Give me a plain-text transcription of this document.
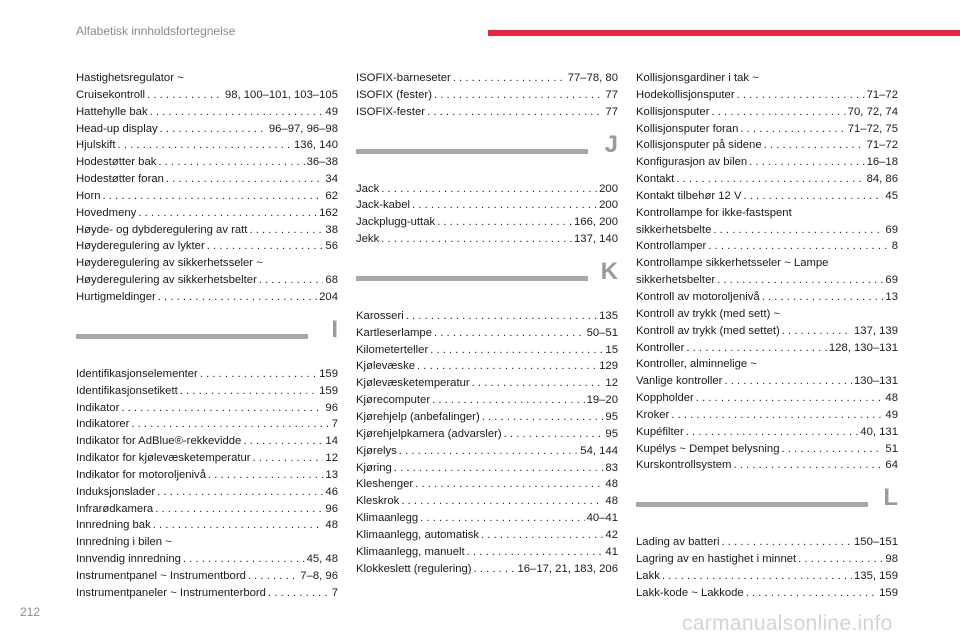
Alfabetisk innholdsfortegnelse
Hastighetsregulator ~
Cruisekontroll . . .	98, 100–101, 103–105
Hattehylle bak . . .	49
Head-up display . . .	96–97, 96–98
Hjulskift . . .	136, 140
Hodestøtter bak . . .	36–38
Hodestøtter foran . . .	34
Horn . . .	62
Hovedmeny . . .	162
Høyde- og dybderegulering av ratt . . .	38
Høyderegulering av lykter . . .	56
Høyderegulering av sikkerhetsseler ~
Høyderegulering av sikkerhetsbelter . . .	68
Hurtigmeldinger . . .	204
I
Identifikasjonselementer . . .	159
Identifikasjonsetikett . . .	159
Indikator . . .	96
Indikatorer . . .	7
Indikator for AdBlue®-rekkevidde . . .	14
Indikator for kjølevæsketemperatur . . .	12
Indikator for motoroljenivå . . .	13
Induksjonslader . . .	46
Infrarødkamera . . .	96
Innredning bak . . .	48
Innredning i bilen ~
Innvendig innredning . . .	45, 48
Instrumentpanel ~ Instrumentbord . . .	7–8, 96
Instrumentpaneler ~ Instrumenterbord . . .	7
ISOFIX-barneseter . . .	77–78, 80
ISOFIX (fester) . . .	77
ISOFIX-fester . . .	77
J
Jack . . .	200
Jack-kabel . . .	200
Jackplugg-uttak . . .	166, 200
Jekk . . .	137, 140
K
Karosseri . . .	135
Kartleserlampe . . .	50–51
Kilometerteller . . .	15
Kjølevæske . . .	129
Kjølevæsketemperatur . . .	12
Kjørecomputer . . .	19–20
Kjørehjelp (anbefalinger) . . .	95
Kjørehjelpkamera (advarsler) . . .	95
Kjørelys . . .	54, 144
Kjøring . . .	83
Kleshenger . . .	48
Kleskrok . . .	48
Klimaanlegg . . .	40–41
Klimaanlegg, automatisk . . .	42
Klimaanlegg, manuelt . . .	41
Klokkeslett (regulering) . . .	16–17, 21, 183, 206
Kollisjonsgardiner i tak ~
Hodekollisjonsputer . . .	71–72
Kollisjonsputer . . .	70, 72, 74
Kollisjonsputer foran . . .	71–72, 75
Kollisjonsputer på sidene . . .	71–72
Konfigurasjon av bilen . . .	16–18
Kontakt . . .	84, 86
Kontakt tilbehør 12 V . . .	45
Kontrollampe for ikke-fastspent
sikkerhetsbelte . . .	69
Kontrollamper . . .	8
Kontrollampe sikkerhetsseler ~ Lampe
sikkerhetsbelter . . .	69
Kontroll av motoroljenivå . . .	13
Kontroll av trykk (med sett) ~
Kontroll av trykk (med settet) . . .	137, 139
Kontroller . . .	128, 130–131
Kontroller, alminnelige ~
Vanlige kontroller . . .	130–131
Koppholder . . .	48
Kroker . . .	49
Kupéfilter . . .	40, 131
Kupélys ~ Dempet belysning . . .	51
Kurskontrollsystem . . .	64
L
Lading av batteri . . .	150–151
Lagring av en hastighet i minnet . . .	98
Lakk . . .	135, 159
Lakk-kode ~ Lakkode . . .	159
212	carmanualsonline.info
